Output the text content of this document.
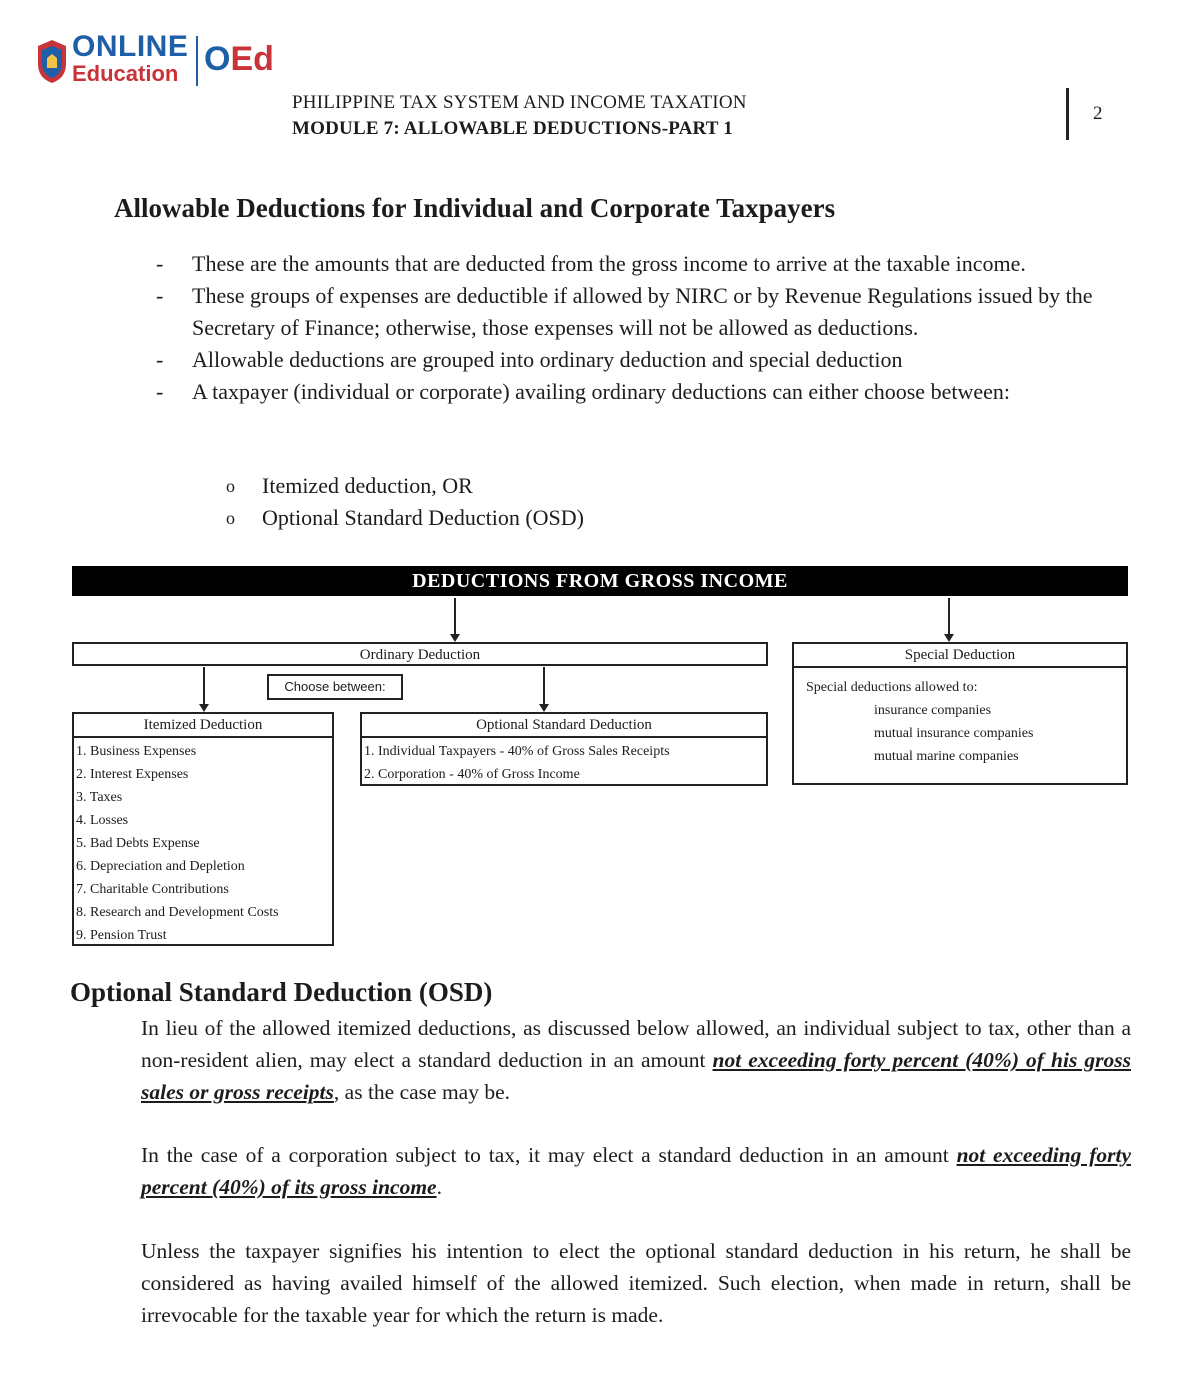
ONLINE
Education OEd
PHILIPPINE TAX SYSTEM AND INCOME TAXATION
MODULE 7: ALLOWABLE DEDUCTIONS-PART 1
2
Allowable Deductions for Individual and Corporate Taxpayers
- These are the amounts that are deducted from the gross income to arrive at the taxable income.
- These groups of expenses are deductible if allowed by NIRC or by Revenue Regulations issued by the Secretary of Finance; otherwise, those expenses will not be allowed as deductions.
- Allowable deductions are grouped into ordinary deduction and special deduction
- A taxpayer (individual or corporate) availing ordinary deductions can either choose between:
o Itemized deduction, OR
o Optional Standard Deduction (OSD)
DEDUCTIONS FROM GROSS INCOME
Ordinary Deduction
Choose between:
Special Deduction
Special deductions allowed to:
insurance companies
mutual insurance companies
mutual marine companies
Itemized Deduction
1. Business Expenses
2. Interest Expenses
3. Taxes
4. Losses
5. Bad Debts Expense
6. Depreciation and Depletion
7. Charitable Contributions
8. Research and Development Costs
9. Pension Trust
Optional Standard Deduction
1. Individual Taxpayers - 40% of Gross Sales Receipts
2. Corporation - 40% of Gross Income
Optional Standard Deduction (OSD)

In lieu of the allowed itemized deductions, as discussed below allowed, an individual subject to tax, other than a non-resident alien, may elect a standard deduction in an amount not exceeding forty percent (40%) of his gross sales or gross receipts, as the case may be.

In the case of a corporation subject to tax, it may elect a standard deduction in an amount not exceeding forty percent (40%) of its gross income.

Unless the taxpayer signifies his intention to elect the optional standard deduction in his return, he shall be considered as having availed himself of the allowed itemized. Such election, when made in return, shall be irrevocable for the taxable year for which the return is made.
